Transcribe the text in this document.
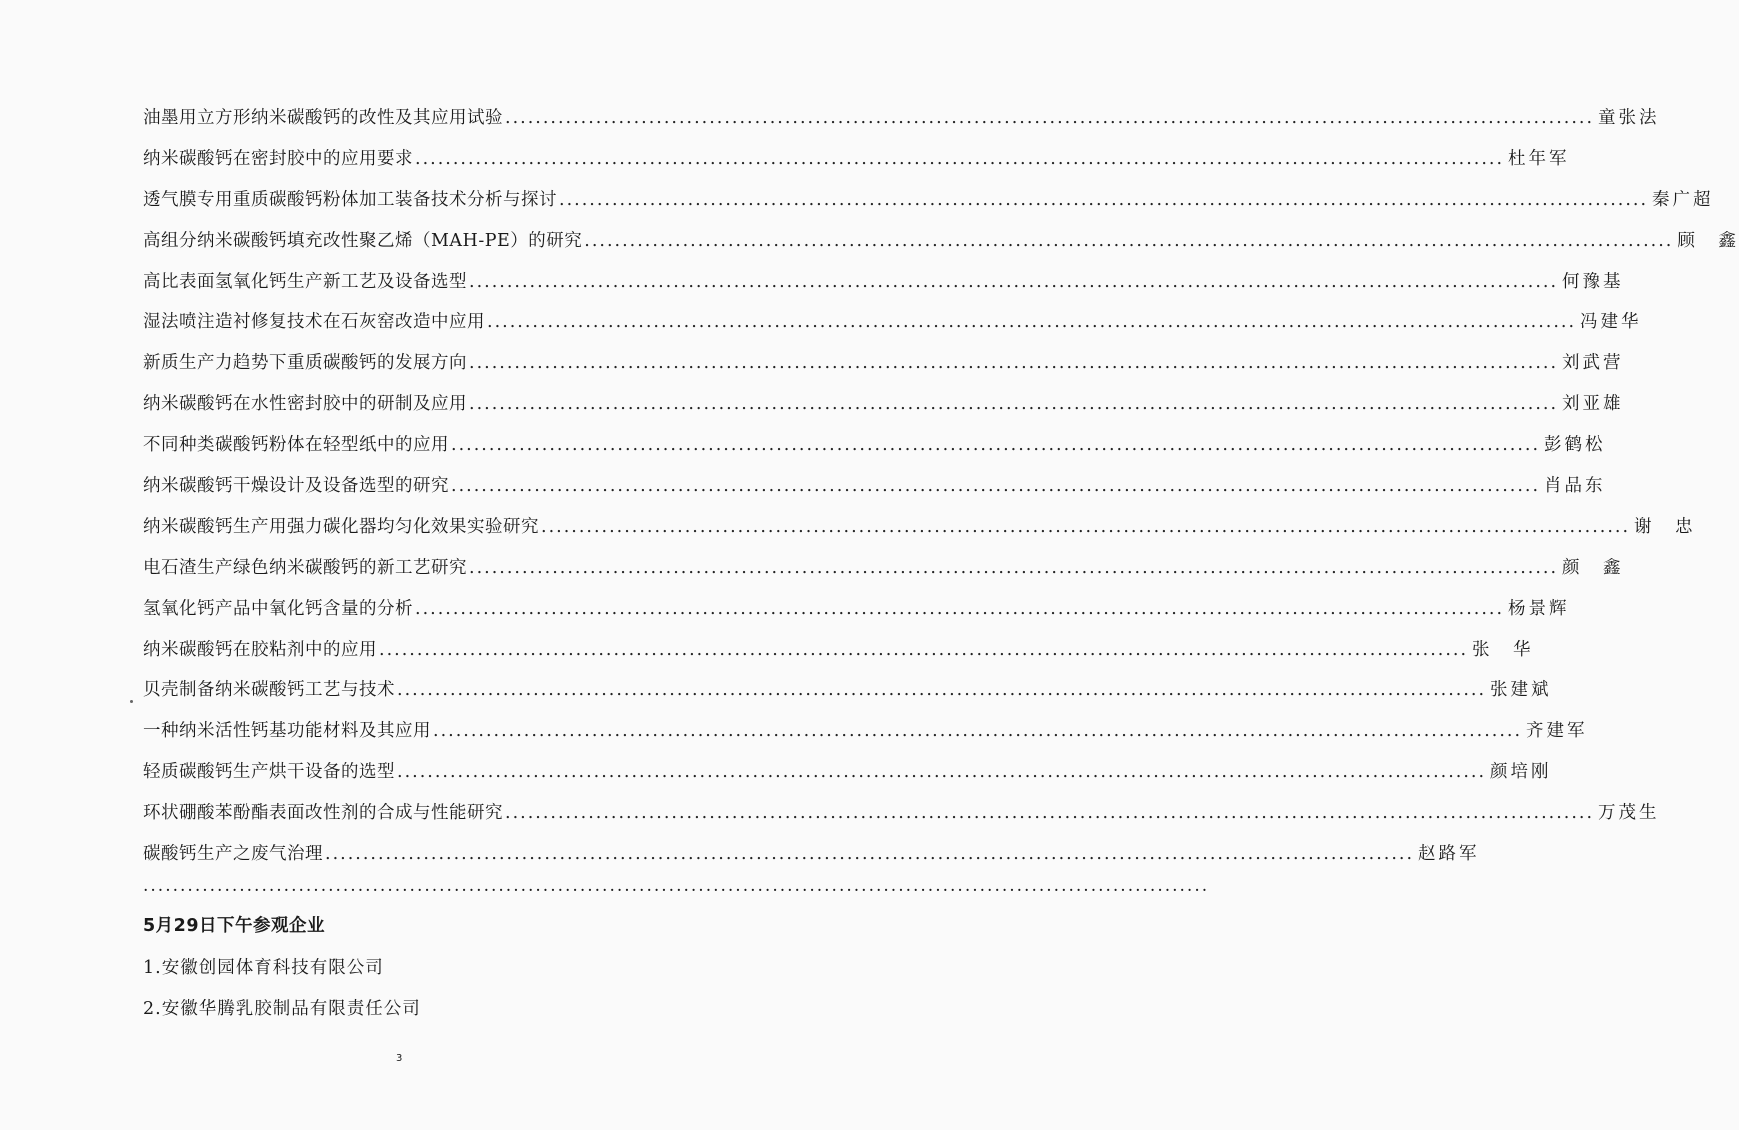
油墨用立方形纳米碳酸钙的改性及其应用试验 .....	童张法
纳米碳酸钙在密封胶中的应用要求 .....	杜年军
透气膜专用重质碳酸钙粉体加工装备技术分析与探讨 .....	秦广超
高组分纳米碳酸钙填充改性聚乙烯（MAH-PE）的研究 .....	顾　鑫
高比表面氢氧化钙生产新工艺及设备选型 .....	何豫基
湿法喷注造衬修复技术在石灰窑改造中应用 .....	冯建华
新质生产力趋势下重质碳酸钙的发展方向 .....	刘武营
纳米碳酸钙在水性密封胶中的研制及应用 .....	刘亚雄
不同种类碳酸钙粉体在轻型纸中的应用 .....	彭鹤松
纳米碳酸钙干燥设计及设备选型的研究 .....	肖品东
纳米碳酸钙生产用强力碳化器均匀化效果实验研究 .....	谢　忠
电石渣生产绿色纳米碳酸钙的新工艺研究 .....	颜　鑫
氢氧化钙产品中氧化钙含量的分析 .....	杨景辉
纳米碳酸钙在胶粘剂中的应用 .....	张　华
贝壳制备纳米碳酸钙工艺与技术 .....	张建斌
一种纳米活性钙基功能材料及其应用 .....	齐建军
轻质碳酸钙生产烘干设备的选型 .....	颜培刚
环状硼酸苯酚酯表面改性剂的合成与性能研究 .....	万茂生
碳酸钙生产之废气治理 .....	赵路军
.....
5月29日下午参观企业
1.安徽创园体育科技有限公司
2.安徽华腾乳胶制品有限责任公司
3
